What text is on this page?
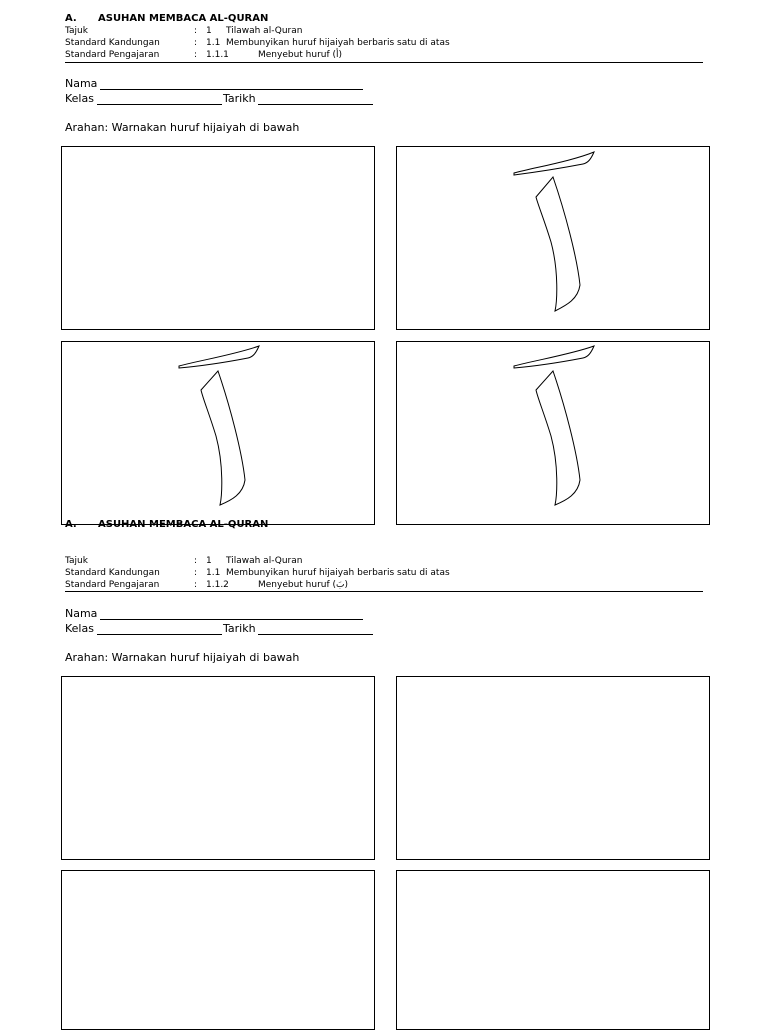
A. ASUHAN MEMBACA AL-QURAN
Tajuk	: 1 Tilawah al-Quran
Standard Kandungan	: 1.1 Membunyikan huruf hijaiyah berbaris satu di atas
Standard Pengajaran	: 1.1.1	Menyebut huruf (أ)
Nama
Kelas	Tarikh
Arahan: Warnakan huruf hijaiyah di bawah
A. ASUHAN MEMBACA AL-QURAN
Tajuk	: 1 Tilawah al-Quran
Standard Kandungan	: 1.1 Membunyikan huruf hijaiyah berbaris satu di atas
Standard Pengajaran	: 1.1.2	Menyebut huruf (بَ)
Nama
Kelas	Tarikh
Arahan: Warnakan huruf hijaiyah di bawah
